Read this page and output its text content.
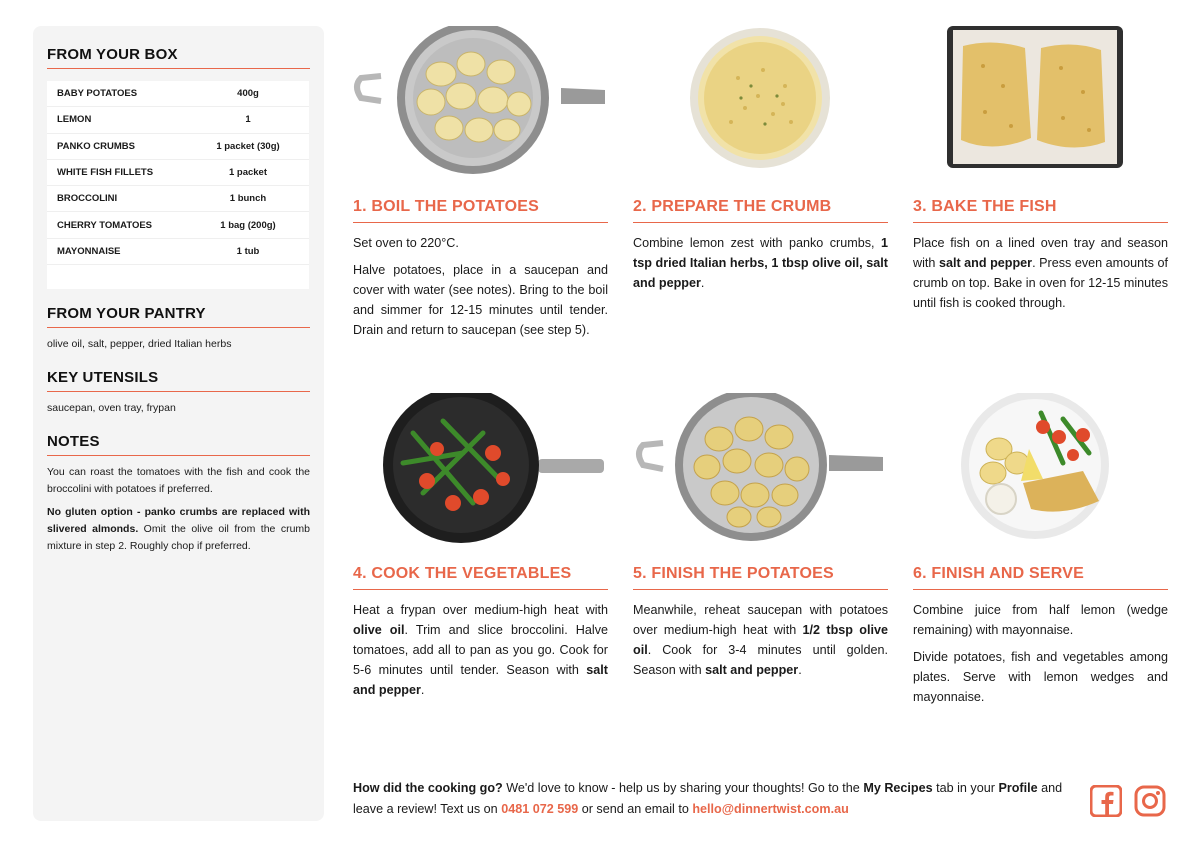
FROM YOUR BOX
BABY POTATOES	400g
LEMON	1
PANKO CRUMBS	1 packet (30g)
WHITE FISH FILLETS	1 packet
BROCCOLINI	1 bunch
CHERRY TOMATOES	1 bag (200g)
MAYONNAISE	1 tub
FROM YOUR PANTRY
olive oil, salt, pepper, dried Italian herbs
KEY UTENSILS
saucepan, oven tray, frypan
NOTES

You can roast the tomatoes with the fish and cook the broccolini with potatoes if preferred.

No gluten option - panko crumbs are replaced with slivered almonds. Omit the olive oil from the crumb mixture in step 2. Roughly chop if preferred.

1. BOIL THE POTATOES

Set oven to 220°C.

Halve potatoes, place in a saucepan and cover with water (see notes). Bring to the boil and simmer for 12-15 minutes until tender. Drain and return to saucepan (see step 5).

2. PREPARE THE CRUMB

Combine lemon zest with panko crumbs, 1 tsp dried Italian herbs, 1 tbsp olive oil, salt and pepper.

3. BAKE THE FISH

Place fish on a lined oven tray and season with salt and pepper. Press even amounts of crumb on top. Bake in oven for 12-15 minutes until fish is cooked through.

4. COOK THE VEGETABLES

Heat a frypan over medium-high heat with olive oil. Trim and slice broccolini. Halve tomatoes, add all to pan as you go. Cook for 5-6 minutes until tender. Season with salt and pepper.

5. FINISH THE POTATOES

Meanwhile, reheat saucepan with potatoes over medium-high heat with 1/2 tbsp olive oil. Cook for 3-4 minutes until golden. Season with salt and pepper.

6. FINISH AND SERVE

Combine juice from half lemon (wedge remaining) with mayonnaise.

Divide potatoes, fish and vegetables among plates. Serve with lemon wedges and mayonnaise.

How did the cooking go? We'd love to know - help us by sharing your thoughts! Go to the My Recipes tab in your Profile and leave a review! Text us on 0481 072 599 or send an email to hello@dinnertwist.com.au
